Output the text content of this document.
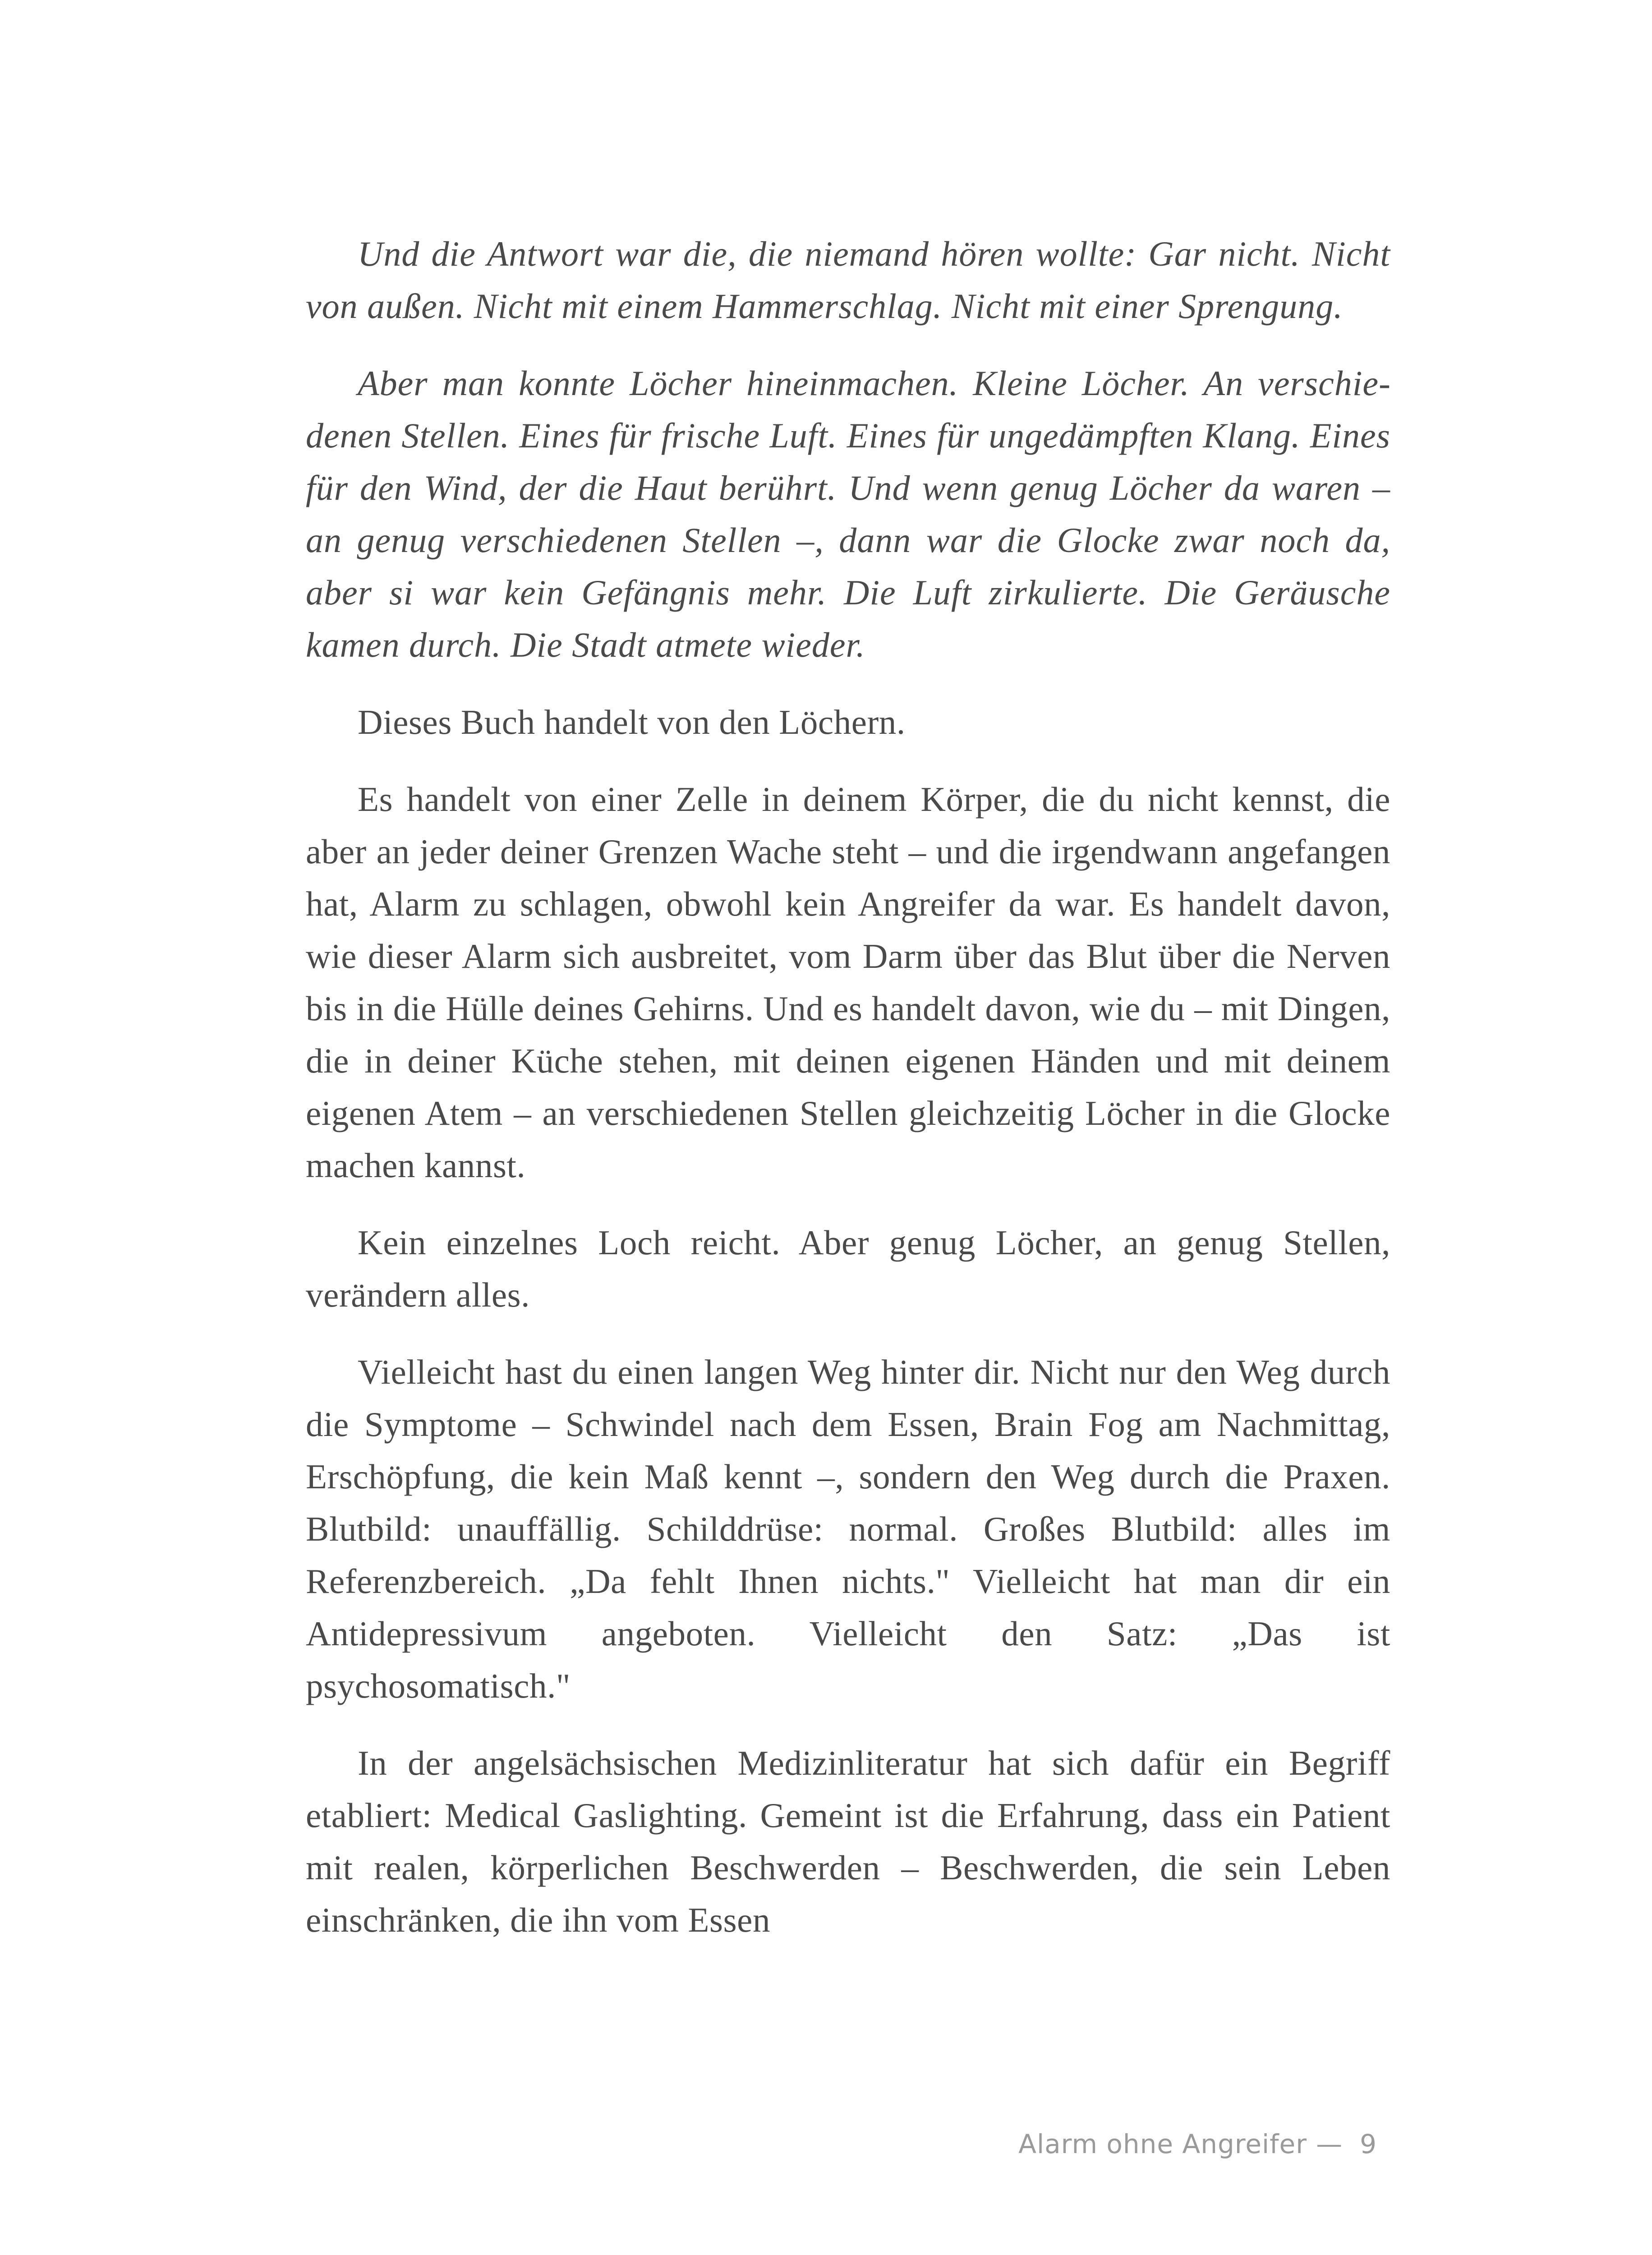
Und die Antwort war die, die niemand hören wollte: Gar nicht. Nicht von außen. Nicht mit einem Hammerschlag. Nicht mit einer Sprengung.

Aber man konnte Löcher hineinmachen. Kleine Löcher. An verschiedenen Stellen. Eines für frische Luft. Eines für ungedämpften Klang. Eines für den Wind, der die Haut berührt. Und wenn genug Löcher da waren – an genug verschiedenen Stellen –, dann war die Glocke zwar noch da, aber si war kein Gefängnis mehr. Die Luft zirkulierte. Die Geräusche kamen durch. Die Stadt atmete wieder.

Dieses Buch handelt von den Löchern.

Es handelt von einer Zelle in deinem Körper, die du nicht kennst, die aber an jeder deiner Grenzen Wache steht – und die irgendwann angefangen hat, Alarm zu schlagen, obwohl kein Angreifer da war. Es handelt davon, wie dieser Alarm sich ausbreitet, vom Darm über das Blut über die Nerven bis in die Hülle deines Gehirns. Und es handelt davon, wie du – mit Dingen, die in deiner Küche stehen, mit deinen eigenen Händen und mit deinem eigenen Atem – an verschiedenen Stellen gleichzeitig Löcher in die Glocke machen kannst.

Kein einzelnes Loch reicht. Aber genug Löcher, an genug Stellen, verändern alles.

Vielleicht hast du einen langen Weg hinter dir. Nicht nur den Weg durch die Symptome – Schwindel nach dem Essen, Brain Fog am Nachmittag, Erschöpfung, die kein Maß kennt –, sondern den Weg durch die Praxen. Blutbild: unauffällig. Schilddrüse: normal. Großes Blutbild: alles im Referenzbereich. „Da fehlt Ihnen nichts." Vielleicht hat man dir ein Antidepressivum angeboten. Vielleicht den Satz: „Das ist psychosomatisch."

In der angelsächsischen Medizinliteratur hat sich dafür ein Begriff etabliert: Medical Gaslighting. Gemeint ist die Erfahrung, dass ein Patient mit realen, körperlichen Beschwerden – Beschwerden, die sein Leben einschränken, die ihn vom Essen

Alarm ohne Angreifer — 9
